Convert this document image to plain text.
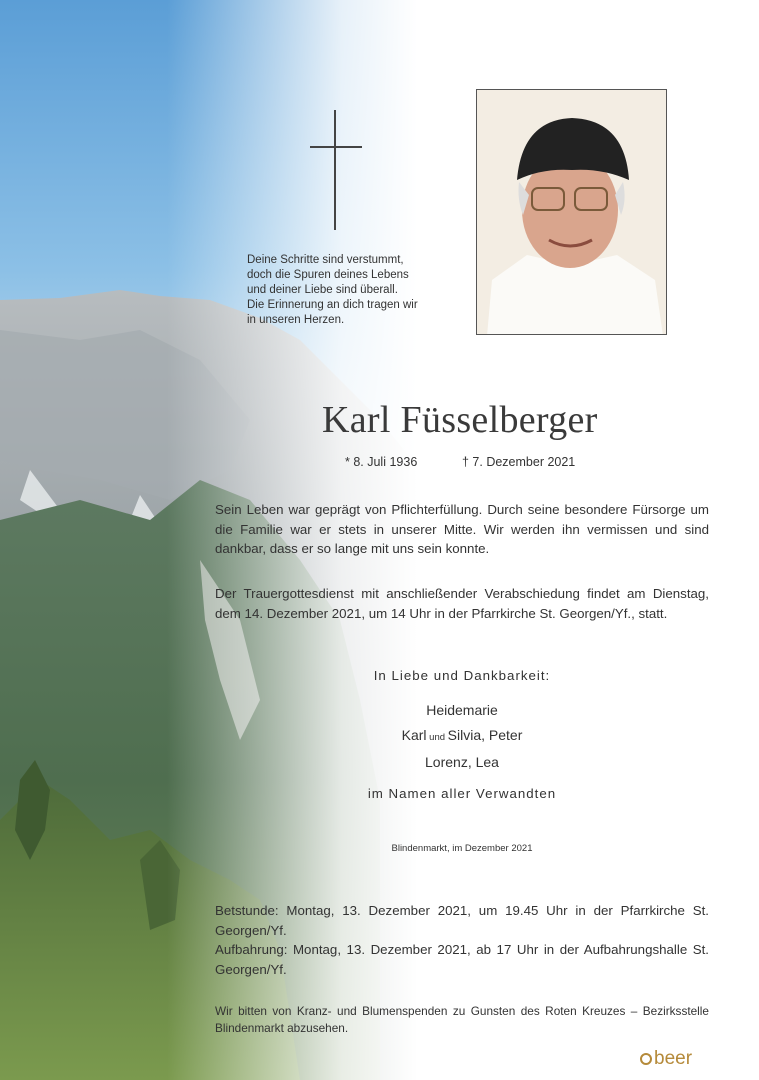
Deine Schritte sind verstummt,
doch die Spuren deines Lebens
und deiner Liebe sind überall.
Die Erinnerung an dich tragen wir
in unseren Herzen.
Karl Füsselberger
* 8. Juli 1936	† 7. Dezember 2021
Sein Leben war geprägt von Pflichterfüllung. Durch seine besondere Fürsorge um die Familie war er stets in unserer Mitte. Wir werden ihn vermissen und sind dankbar, dass er so lange mit uns sein konnte.
Der Trauergottesdienst mit anschließender Verabschiedung findet am Dienstag, dem 14. Dezember 2021, um 14 Uhr in der Pfarrkirche St. Georgen/Yf., statt.
In Liebe und Dankbarkeit:
Heidemarie
Karl und Silvia, Peter
Lorenz, Lea
im Namen aller Verwandten
Blindenmarkt, im Dezember 2021
Betstunde: Montag, 13. Dezember 2021, um 19.45 Uhr in der Pfarrkirche St. Georgen/Yf.
Aufbahrung: Montag, 13. Dezember 2021, ab 17 Uhr in der Aufbahrungshalle St. Georgen/Yf.
Wir bitten von Kranz- und Blumenspenden zu Gunsten des Roten Kreuzes – Bezirksstelle Blindenmarkt abzusehen.
beer
